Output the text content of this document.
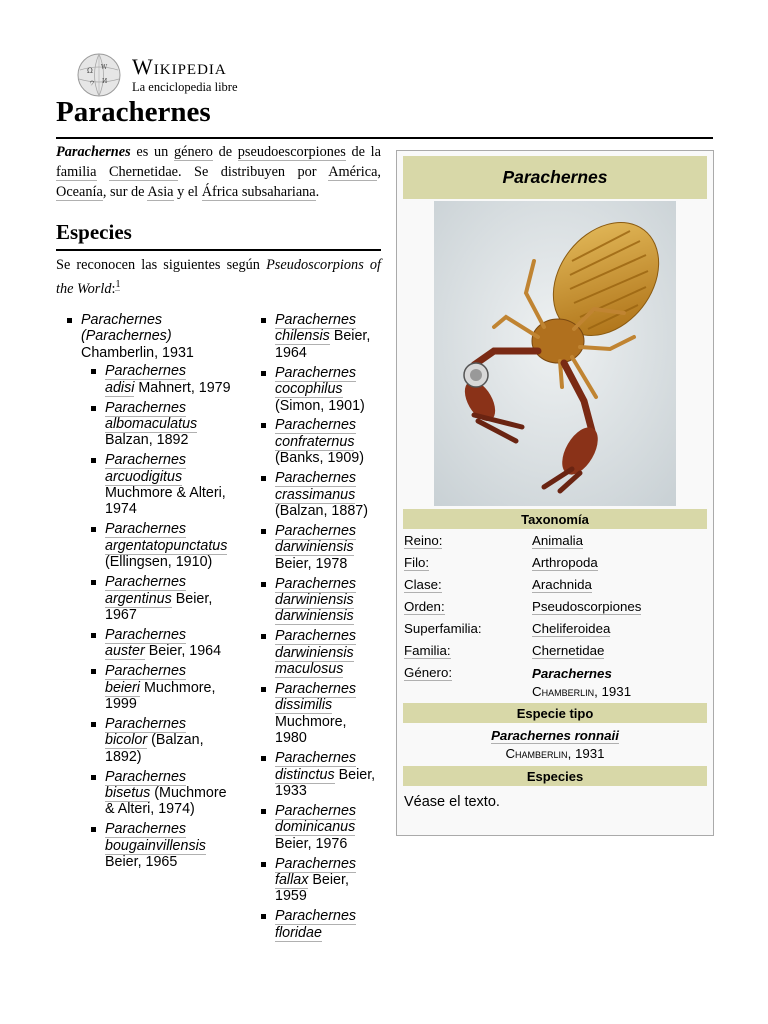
Ω W
И
ウ
Wikipedia
La enciclopedia libre
Parachernes
Parachernes es un género de pseudoescorpiones de la familia Chernetidae. Se distribuyen por América, Oceanía, sur de Asia y el África subsahariana.
Especies
Se reconocen las siguientes según Pseudoscorpions of the World:$^1$
Parachernes (Parachernes)
Chamberlin, 1931
Parachernes
adisi Mahnert, 1979
Parachernes
albomaculatus Balzan, 1892
Parachernes
arcuodigitus Muchmore & Alteri, 1974
Parachernes
argentatopunctatus (Ellingsen, 1910)
Parachernes
argentinus Beier, 1967
Parachernes
auster Beier, 1964
Parachernes
beieri Muchmore, 1999
Parachernes
bicolor (Balzan, 1892)
Parachernes
bisetus (Muchmore & Alteri, 1974)
Parachernes
bougainvillensis Beier, 1965
Parachernes
chilensis Beier, 1964
Parachernes
cocophilus (Simon, 1901)
Parachernes
confraternus (Banks, 1909)
Parachernes
crassimanus (Balzan, 1887)
Parachernes
darwiniensis Beier, 1978
Parachernes
darwiniensis darwiniensis
Parachernes
darwiniensis maculosus
Parachernes
dissimilis Muchmore, 1980
Parachernes
distinctus Beier, 1933
Parachernes
dominicanus Beier, 1976
Parachernes
fallax Beier, 1959
Parachernes
floridae
Parachernes
Taxonomía
Reino:	Animalia
Filo:	Arthropoda
Clase:	Arachnida
Orden:	Pseudoscorpiones
Superfamilia:	Cheliferoidea
Familia:	Chernetidae
Género:	Parachernes
Chamberlin, 1931
Especie tipo
Parachernes ronnaii
Chamberlin, 1931
Especies
Véase el texto.
